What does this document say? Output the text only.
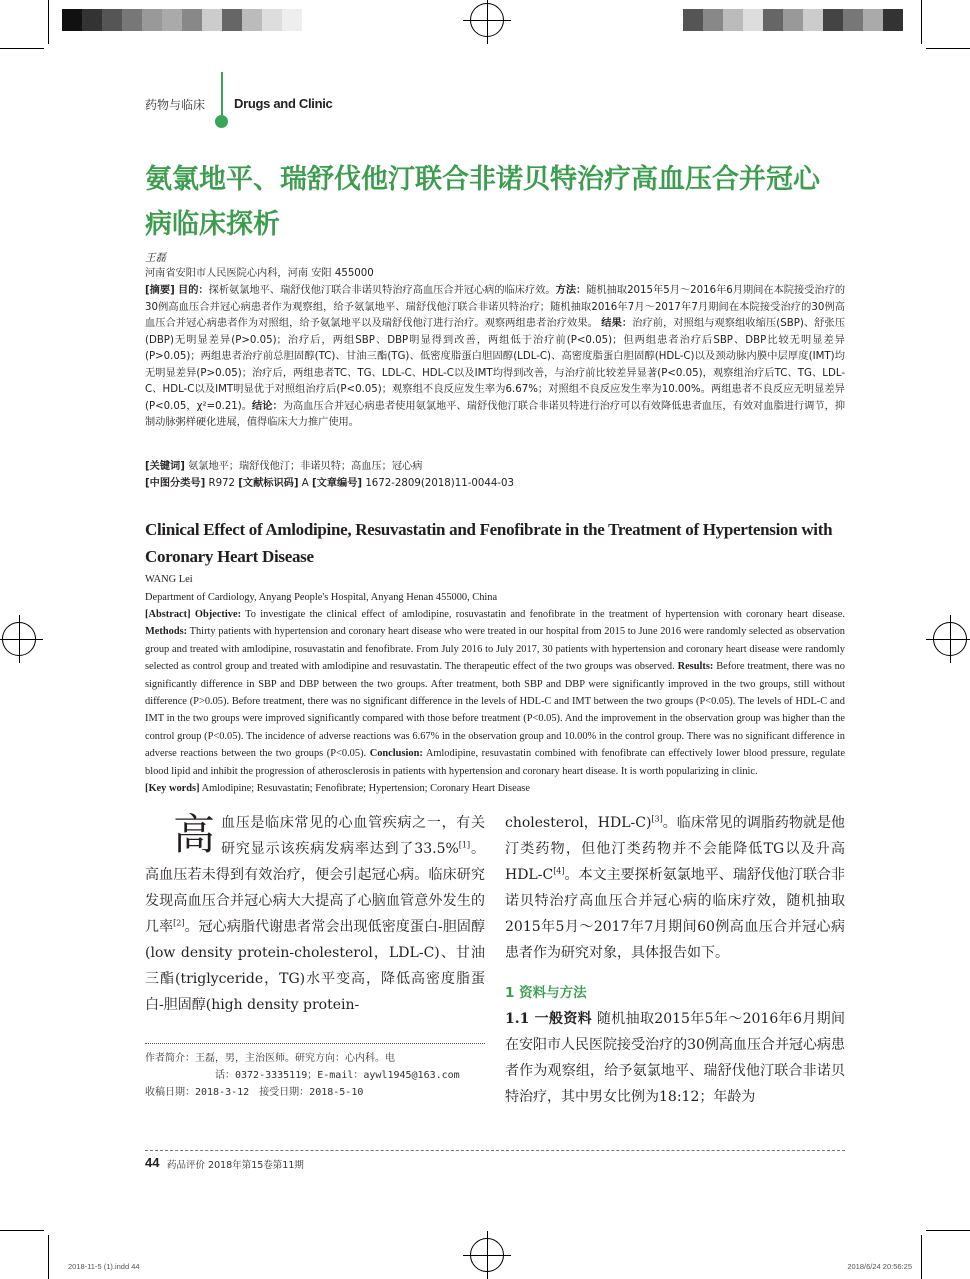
药物与临床 Drugs and Clinic
氨氯地平、瑞舒伐他汀联合非诺贝特治疗高血压合并冠心病临床探析
王磊
河南省安阳市人民医院心内科，河南 安阳 455000
[摘要] 目的：探析氨氯地平、瑞舒伐他汀联合非诺贝特治疗高血压合并冠心病的临床疗效。方法：随机抽取2015年5月～2016年6月期间在本院接受治疗的30例高血压合并冠心病患者作为观察组，给予氨氯地平、瑞舒伐他汀联合非诺贝特治疗；随机抽取2016年7月～2017年7月期间在本院接受治疗的30例高血压合并冠心病患者作为对照组，给予氨氯地平以及瑞舒伐他汀进行治疗。观察两组患者治疗效果。 结果：治疗前，对照组与观察组收缩压(SBP)、舒张压(DBP)无明显差异(P>0.05)；治疗后，两组SBP、DBP明显得到改善，两组低于治疗前(P<0.05)；但两组患者治疗后SBP、DBP比较无明显差异(P>0.05)；两组患者治疗前总胆固醇(TC)、甘油三酯(TG)、低密度脂蛋白胆固醇(LDL-C)、高密度脂蛋白胆固醇(HDL-C)以及颈动脉内膜中层厚度(IMT)均无明显差异(P>0.05)；治疗后，两组患者TC、TG、LDL-C、HDL-C以及IMT均得到改善，与治疗前比较差异显著(P<0.05)，观察组治疗后TC、TG、LDL-C、HDL-C以及IMT明显优于对照组治疗后(P<0.05)；观察组不良反应发生率为6.67%；对照组不良反应发生率为10.00%。两组患者不良反应无明显差异(P<0.05，χ²=0.21)。结论：为高血压合并冠心病患者使用氨氯地平、瑞舒伐他汀联合非诺贝特进行治疗可以有效降低患者血压，有效对血脂进行调节，抑制动脉粥样硬化进展，值得临床大力推广使用。
[关键词] 氨氯地平；瑞舒伐他汀；非诺贝特；高血压；冠心病
[中图分类号] R972 [文献标识码] A [文章编号] 1672-2809(2018)11-0044-03
Clinical Effect of Amlodipine, Resuvastatin and Fenofibrate in the Treatment of Hypertension with Coronary Heart Disease
WANG Lei
Department of Cardiology, Anyang People's Hospital, Anyang Henan 455000, China
[Abstract] Objective: To investigate the clinical effect of amlodipine, rosuvastatin and fenofibrate in the treatment of hypertension with coronary heart disease. Methods: Thirty patients with hypertension and coronary heart disease who were treated in our hospital from 2015 to June 2016 were randomly selected as observation group and treated with amlodipine, rosuvastatin and fenofibrate. From July 2016 to July 2017, 30 patients with hypertension and coronary heart disease were randomly selected as control group and treated with amlodipine and resuvastatin. The therapeutic effect of the two groups was observed. Results: Before treatment, there was no significantly difference in SBP and DBP between the two groups. After treatment, both SBP and DBP were significantly improved in the two groups, still without difference (P>0.05). Before treatment, there was no significant difference in the levels of HDL-C and IMT between the two groups (P<0.05). The levels of HDL-C and IMT in the two groups were improved significantly compared with those before treatment (P<0.05). And the improvement in the observation group was higher than the control group (P<0.05). The incidence of adverse reactions was 6.67% in the observation group and 10.00% in the control group. There was no significant difference in adverse reactions between the two groups (P<0.05). Conclusion: Amlodipine, resuvastatin combined with fenofibrate can effectively lower blood pressure, regulate blood lipid and inhibit the progression of atherosclerosis in patients with hypertension and coronary heart disease. It is worth popularizing in clinic.
[Key words] Amlodipine; Resuvastatin; Fenofibrate; Hypertension; Coronary Heart Disease
高血压是临床常见的心血管疾病之一，有关研究显示该疾病发病率达到了33.5%[1]。高血压若未得到有效治疗，便会引起冠心病。临床研究发现高血压合并冠心病大大提高了心脑血管意外发生的几率[2]。冠心病脂代谢患者常会出现低密度蛋白-胆固醇(low density protein-cholesterol，LDL-C)、甘油三酯(triglyceride，TG)水平变高，降低高密度脂蛋白-胆固醇(high density protein-
cholesterol，HDL-C)[3]。临床常见的调脂药物就是他汀类药物，但他汀类药物并不会能降低TG以及升高HDL-C[4]。本文主要探析氨氯地平、瑞舒伐他汀联合非诺贝特治疗高血压合并冠心病的临床疗效，随机抽取2015年5月～2017年7月期间60例高血压合并冠心病患者作为研究对象，具体报告如下。
1 资料与方法
1.1 一般资料 随机抽取2015年5年～2016年6月期间在安阳市人民医院接受治疗的30例高血压合并冠心病患者作为观察组，给予氨氯地平、瑞舒伐他汀联合非诺贝特治疗，其中男女比例为18:12；年龄为
作者简介：王磊，男，主治医师。研究方向：心内科。电
话：0372-3335119；E-mail：aywl1945@163.com
收稿日期：2018-3-12　接受日期：2018-5-10
44 药品评价 2018年第15卷第11期
2018-11-5 (1).indd 44	2018/6/24 20:56:25
